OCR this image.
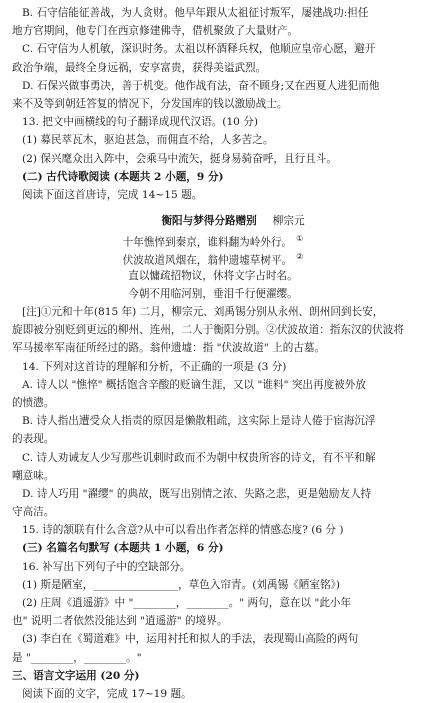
B. 石守信能征善战，为人贪财。他早年跟从太祖征讨叛军，屡建战功:担任
地方官期间，他专门在西京修建佛寺，借机聚敛了大量财产。
C. 石守信为人机敏，深识时务。太祖以杯酒释兵权，他顺应皇帝心愿，避开
政治争端，最终全身远祸，安享富贵，获得美谥武烈。
D. 石保兴做事勇决，善于机变。他作战有法，奋不顾身;又在西夏人进犯而他
来不及等到朝廷答复的情况下，分发国库的钱以激励战士。
13. 把文中画横线的句子翻译成现代汉语。(10 分)
(1) 募民萃瓦木，驱迫甚急，而佣直不给，人多苦之。
(2) 保兴麾众出入阵中，会乘马中流矢，挺身易骑奋呼，且行且斗。
(二) 古代诗歌阅读 (本题共 2 小题，9 分)
阅读下面这首唐诗，完成 14~15 题。
衡阳与梦得分路赠别 柳宗元
十年憔悴到秦京，谁料翻为岭外行。 ①
伏波故道风烟在，翁仲遗墟草树平。 ②
直以慵疏招物议，休将文字占时名。
今朝不用临河别，垂泪千行便濯缨。
[注]①元和十年(815 年) 二月，柳宗元、刘禹锡分别从永州、朗州回到长安，
旋即被分别贬到更远的柳州、连州，二人于衡阳分别。②伏波故道：指东汉的伏波将
军马援率军南征所经过的路。翁仲遗墟：指 "伏波故道" 上的古墓。
14. 下列对这首诗的理解和分析，不正确的一项是 (3 分)
A. 诗人以 "憔悴" 概括饱含辛酸的贬谪生涯，又以 "谁料" 突出再度被外放
的愤懑。
B. 诗人指出遭受众人指责的原因是懒散粗疏，这实际上是诗人倦于宦海沉浮
的表现。
C. 诗人劝诫友人少写那些讥刺时政而不为朝中权贵所容的诗文，有不平和解
嘲意味。
D. 诗人巧用 "濯缨" 的典故，既写出别情之浓、失路之悲，更是勉励友人持
守高洁。
15. 诗的颔联有什么含意?从中可以看出作者怎样的情感态度? (6 分 )
(三) 名篇名句默写 (本题共 1 小题，6 分)
16. 补写出下列句子中的空缺部分。
(1) 斯是陋室，________________，草色入帘青。(刘禹锡《陋室铭》)
(2) 庄周《逍遥游》中 "________，________。" 两句，意在以 "此小年
也" 说明二者依然没能达到 "逍遥游" 的境界。
(3) 李白在《蜀道难》中，运用衬托和拟人的手法，表现蜀山高险的两句
是 "________，________。"
三、语言文字运用 (20 分)
阅读下面的文字，完成 17~19 题。
